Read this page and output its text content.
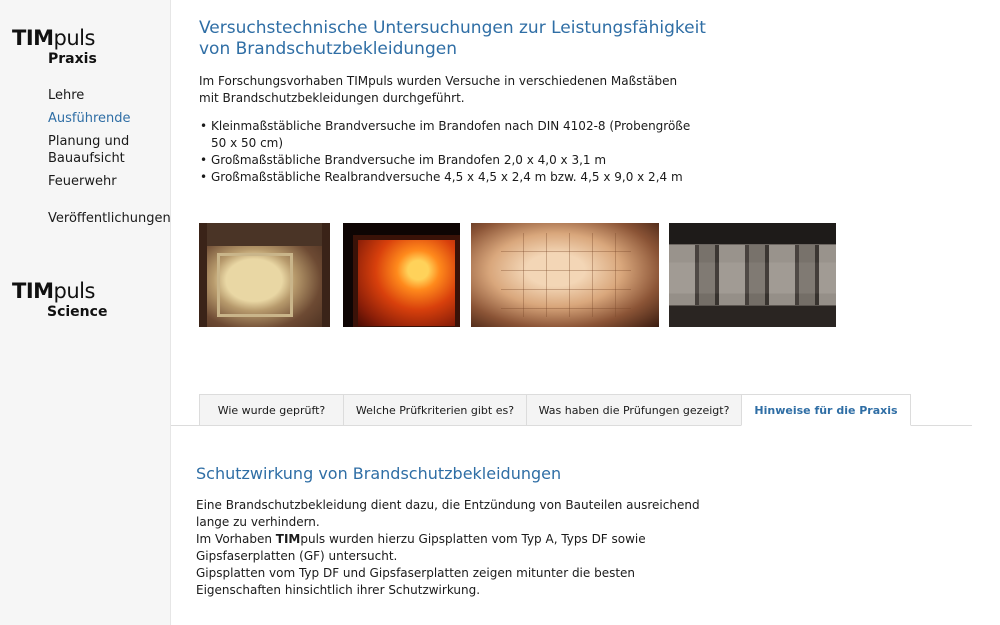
TIMpuls
Praxis
Lehre
Ausführende
Planung und Bauaufsicht
Feuerwehr
Veröffentlichungen
TIMpuls
Science
Versuchstechnische Untersuchungen zur Leistungsfähigkeit von Brandschutzbekleidungen

Im Forschungsvorhaben TIMpuls wurden Versuche in verschiedenen Maßstäben mit Brandschutzbekleidungen durchgeführt.

• Kleinmaßstäbliche Brandversuche im Brandofen nach DIN 4102-8 (Probengröße 50 x 50 cm)
• Großmaßstäbliche Brandversuche im Brandofen 2,0 x 4,0 x 3,1 m
• Großmaßstäbliche Realbrandversuche 4,5 x 4,5 x 2,4 m bzw. 4,5 x 9,0 x 2,4 m
Wie wurde geprüft?	Welche Prüfkriterien gibt es?	Was haben die Prüfungen gezeigt?	Hinweise für die Praxis
Schutzwirkung von Brandschutzbekleidungen

Eine Brandschutzbekleidung dient dazu, die Entzündung von Bauteilen ausreichend lange zu verhindern.

Im Vorhaben TIMpuls wurden hierzu Gipsplatten vom Typ A, Typs DF sowie Gipsfaserplatten (GF) untersucht.

Gipsplatten vom Typ DF und Gipsfaserplatten zeigen mitunter die besten Eigenschaften hinsichtlich ihrer Schutzwirkung.
